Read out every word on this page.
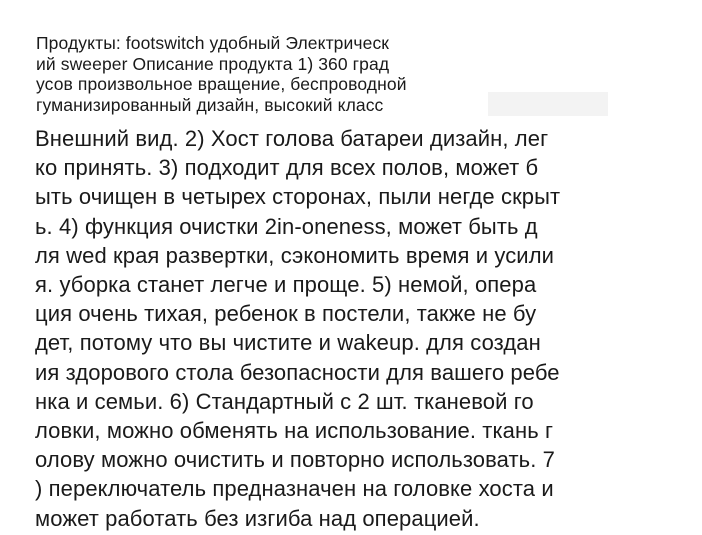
Продукты: footswitch удобный Электрическ
ий sweeper Описание продукта 1) 360 град
усов произвольное вращение, беспроводной
гуманизированный дизайн, высокий класс

Внешний вид. 2) Хост голова батареи дизайн, лег
ко принять. 3) подходит для всех полов, может б
ыть очищен в четырех сторонах, пыли негде скрыт
ь. 4) функция очистки 2in-oneness, может быть д
ля wed края развертки, сэкономить время и усили
я. уборка станет легче и проще. 5) немой, опера
ция очень тихая, ребенок в постели, также не бу
дет, потому что вы чистите и wakeup. для создан
ия здорового стола безопасности для вашего ребе
нка и семьи. 6) Стандартный с 2 шт. тканевой го
ловки, можно обменять на использование. ткань г
олову можно очистить и повторно использовать. 7
) переключатель предназначен на головке хоста и
может работать без изгиба над операцией.
